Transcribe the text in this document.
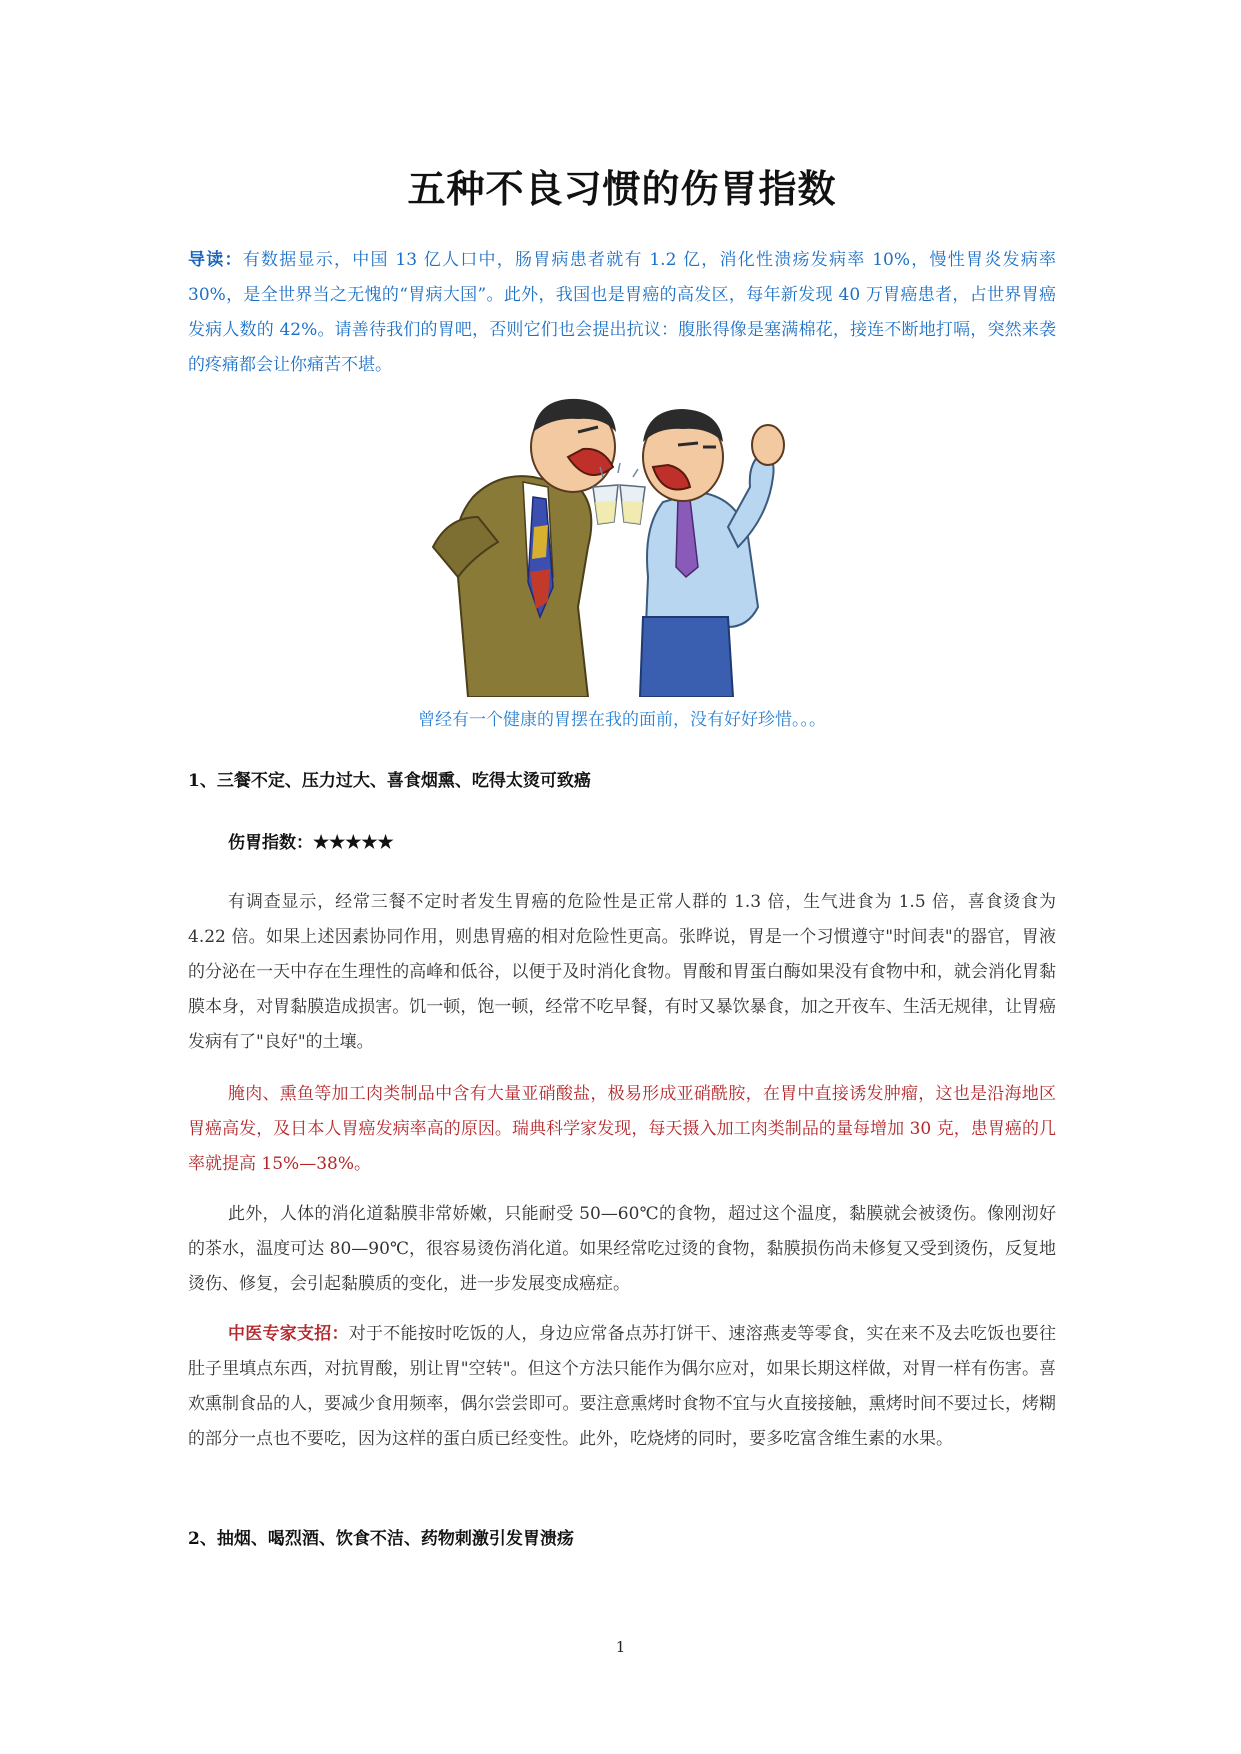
五种不良习惯的伤胃指数

导读：有数据显示，中国 13 亿人口中，肠胃病患者就有 1.2 亿，消化性溃疡发病率 10%，慢性胃炎发病率 30%，是全世界当之无愧的“胃病大国”。此外，我国也是胃癌的高发区，每年新发现 40 万胃癌患者，占世界胃癌发病人数的 42%。请善待我们的胃吧，否则它们也会提出抗议：腹胀得像是塞满棉花，接连不断地打嗝，突然来袭的疼痛都会让你痛苦不堪。

曾经有一个健康的胃摆在我的面前，没有好好珍惜。。。

1、三餐不定、压力过大、喜食烟熏、吃得太烫可致癌

伤胃指数：★★★★★

有调查显示，经常三餐不定时者发生胃癌的危险性是正常人群的 1.3 倍，生气进食为 1.5 倍，喜食烫食为 4.22 倍。如果上述因素协同作用，则患胃癌的相对危险性更高。张晔说，胃是一个习惯遵守"时间表"的器官，胃液的分泌在一天中存在生理性的高峰和低谷，以便于及时消化食物。胃酸和胃蛋白酶如果没有食物中和，就会消化胃黏膜本身，对胃黏膜造成损害。饥一顿，饱一顿，经常不吃早餐，有时又暴饮暴食，加之开夜车、生活无规律，让胃癌发病有了"良好"的土壤。

腌肉、熏鱼等加工肉类制品中含有大量亚硝酸盐，极易形成亚硝酰胺，在胃中直接诱发肿瘤，这也是沿海地区胃癌高发，及日本人胃癌发病率高的原因。瑞典科学家发现，每天摄入加工肉类制品的量每增加 30 克，患胃癌的几率就提高 15%—38%。

此外，人体的消化道黏膜非常娇嫩，只能耐受 50—60℃的食物，超过这个温度，黏膜就会被烫伤。像刚沏好的茶水，温度可达 80—90℃，很容易烫伤消化道。如果经常吃过烫的食物，黏膜损伤尚未修复又受到烫伤，反复地烫伤、修复，会引起黏膜质的变化，进一步发展变成癌症。

中医专家支招：对于不能按时吃饭的人，身边应常备点苏打饼干、速溶燕麦等零食，实在来不及去吃饭也要往肚子里填点东西，对抗胃酸，别让胃"空转"。但这个方法只能作为偶尔应对，如果长期这样做，对胃一样有伤害。喜欢熏制食品的人，要减少食用频率，偶尔尝尝即可。要注意熏烤时食物不宜与火直接接触，熏烤时间不要过长，烤糊的部分一点也不要吃，因为这样的蛋白质已经变性。此外，吃烧烤的同时，要多吃富含维生素的水果。

2、抽烟、喝烈酒、饮食不洁、药物刺激引发胃溃疡

1
